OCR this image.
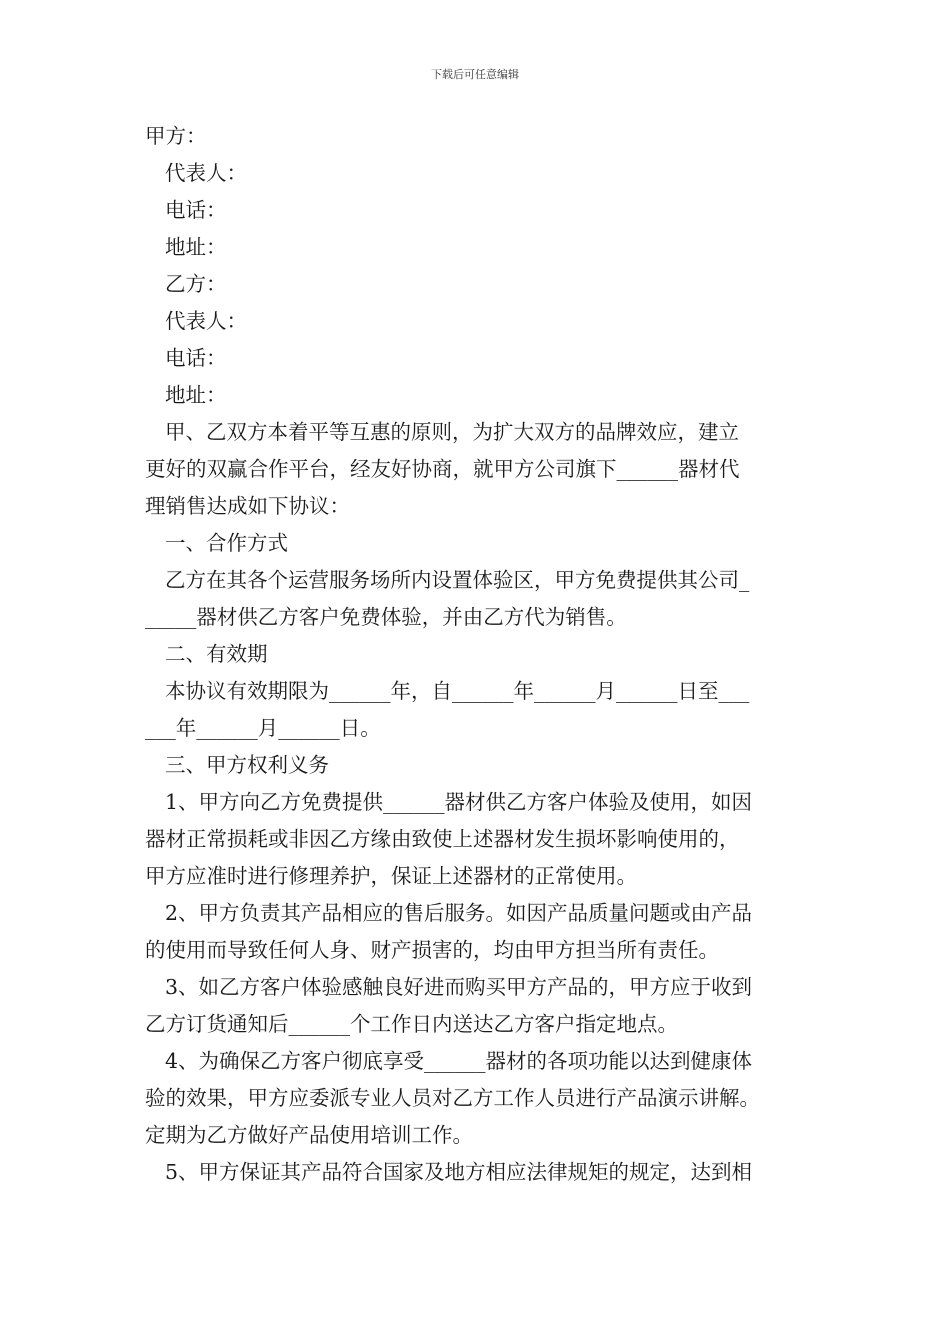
下载后可任意编辑
甲方：
代表人：
电话：
地址：
乙方：
代表人：
电话：
地址：
甲、乙双方本着平等互惠的原则，为扩大双方的品牌效应，建立
更好的双赢合作平台，经友好协商，就甲方公司旗下______器材代
理销售达成如下协议：
一、合作方式
乙方在其各个运营服务场所内设置体验区，甲方免费提供其公司_
_____器材供乙方客户免费体验，并由乙方代为销售。
二、有效期
本协议有效期限为______年，自______年______月______日至___
___年______月______日。
三、甲方权利义务
1、甲方向乙方免费提供______器材供乙方客户体验及使用，如因
器材正常损耗或非因乙方缘由致使上述器材发生损坏影响使用的，
甲方应准时进行修理养护，保证上述器材的正常使用。
2、甲方负责其产品相应的售后服务。如因产品质量问题或由产品
的使用而导致任何人身、财产损害的，均由甲方担当所有责任。
3、如乙方客户体验感触良好进而购买甲方产品的，甲方应于收到
乙方订货通知后______个工作日内送达乙方客户指定地点。
4、为确保乙方客户彻底享受______器材的各项功能以达到健康体
验的效果，甲方应委派专业人员对乙方工作人员进行产品演示讲解。
定期为乙方做好产品使用培训工作。
5、甲方保证其产品符合国家及地方相应法律规矩的规定，达到相
